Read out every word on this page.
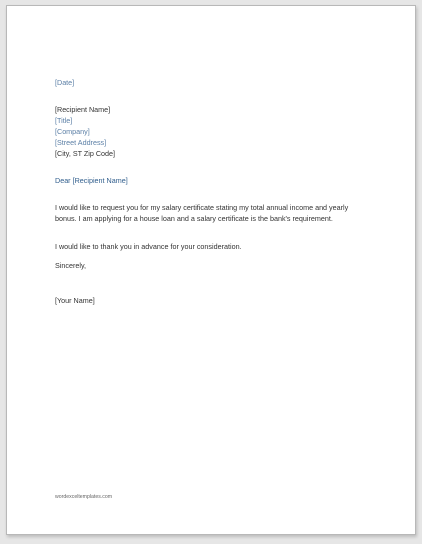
[Date]
[Recipient Name]
[Title]
[Company]
[Street Address]
[City, ST Zip Code]
Dear [Recipient Name]
I would like to request you for my salary certificate stating my total annual income and yearly bonus. I am applying for a house loan and a salary certificate is the bank's requirement.
I would like to thank you in advance for your consideration.
Sincerely,
[Your Name]
wordexceltemplates.com
